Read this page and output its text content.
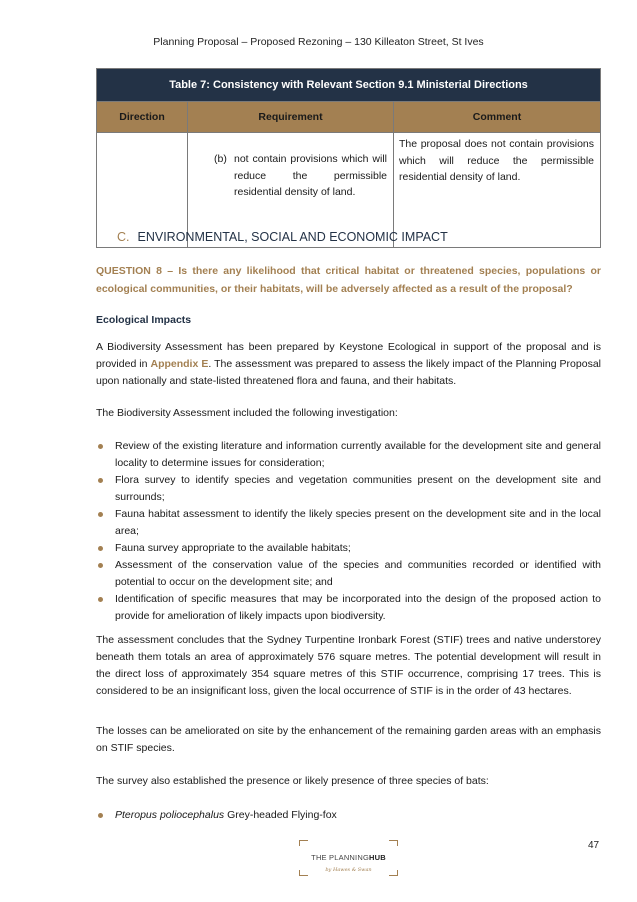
Planning Proposal – Proposed Rezoning – 130 Killeaton Street, St Ives
Table 7: Consistency with Relevant Section 9.1 Ministerial Directions		
Direction	Requirement	Comment

	(b) not contain provisions which will reduce the permissible residential density of land.	The proposal does not contain provisions which will reduce the permissible residential density of land.
C. ENVIRONMENTAL, SOCIAL AND ECONOMIC IMPACT
QUESTION 8 – Is there any likelihood that critical habitat or threatened species, populations or ecological communities, or their habitats, will be adversely affected as a result of the proposal?
Ecological Impacts

A Biodiversity Assessment has been prepared by Keystone Ecological in support of the proposal and is provided in Appendix E. The assessment was prepared to assess the likely impact of the Planning Proposal upon nationally and state-listed threatened flora and fauna, and their habitats.

The Biodiversity Assessment included the following investigation:

Review of the existing literature and information currently available for the development site and general locality to determine issues for consideration;
Flora survey to identify species and vegetation communities present on the development site and surrounds;
Fauna habitat assessment to identify the likely species present on the development site and in the local area;
Fauna survey appropriate to the available habitats;
Assessment of the conservation value of the species and communities recorded or identified with potential to occur on the development site; and
Identification of specific measures that may be incorporated into the design of the proposed action to provide for amelioration of likely impacts upon biodiversity.

The assessment concludes that the Sydney Turpentine Ironbark Forest (STIF) trees and native understorey beneath them totals an area of approximately 576 square metres. The potential development will result in the direct loss of approximately 354 square metres of this STIF occurrence, comprising 17 trees. This is considered to be an insignificant loss, given the local occurrence of STIF is in the order of 43 hectares.

The losses can be ameliorated on site by the enhancement of the remaining garden areas with an emphasis on STIF species.

The survey also established the presence or likely presence of three species of bats:

Pteropus poliocephalus Grey-headed Flying-fox
47
THE PLANNINGHUB
by Hawes & Swan
